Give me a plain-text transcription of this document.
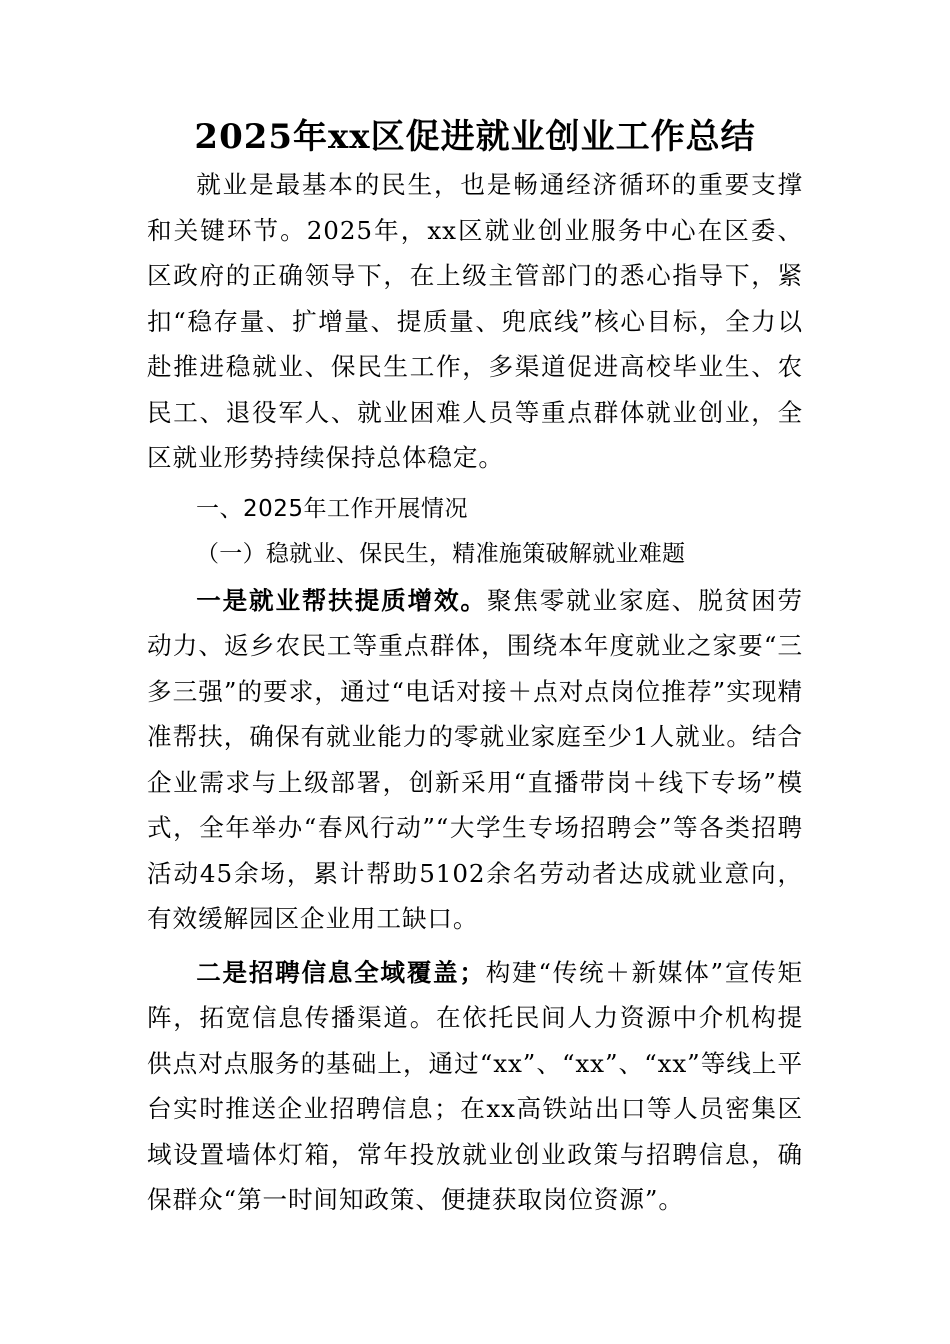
2025年xx区促进就业创业工作总结

就业是最基本的民生，也是畅通经济循环的重要支撑和关键环节。2025年，xx区就业创业服务中心在区委、区政府的正确领导下，在上级主管部门的悉心指导下，紧扣“稳存量、扩增量、提质量、兜底线”核心目标，全力以赴推进稳就业、保民生工作，多渠道促进高校毕业生、农民工、退役军人、就业困难人员等重点群体就业创业，全区就业形势持续保持总体稳定。

一、2025年工作开展情况
（一）稳就业、保民生，精准施策破解就业难题

一是就业帮扶提质增效。聚焦零就业家庭、脱贫困劳动力、返乡农民工等重点群体，围绕本年度就业之家要“三多三强”的要求，通过“电话对接＋点对点岗位推荐”实现精准帮扶，确保有就业能力的零就业家庭至少1人就业。结合企业需求与上级部署，创新采用“直播带岗＋线下专场”模式，全年举办“春风行动”“大学生专场招聘会”等各类招聘活动45余场，累计帮助5102余名劳动者达成就业意向，有效缓解园区企业用工缺口。

二是招聘信息全域覆盖；构建“传统＋新媒体”宣传矩阵，拓宽信息传播渠道。在依托民间人力资源中介机构提供点对点服务的基础上，通过“xx”、“xx”、“xx”等线上平台实时推送企业招聘信息；在xx高铁站出口等人员密集区域设置墙体灯箱，常年投放就业创业政策与招聘信息，确保群众“第一时间知政策、便捷获取岗位资源”。
